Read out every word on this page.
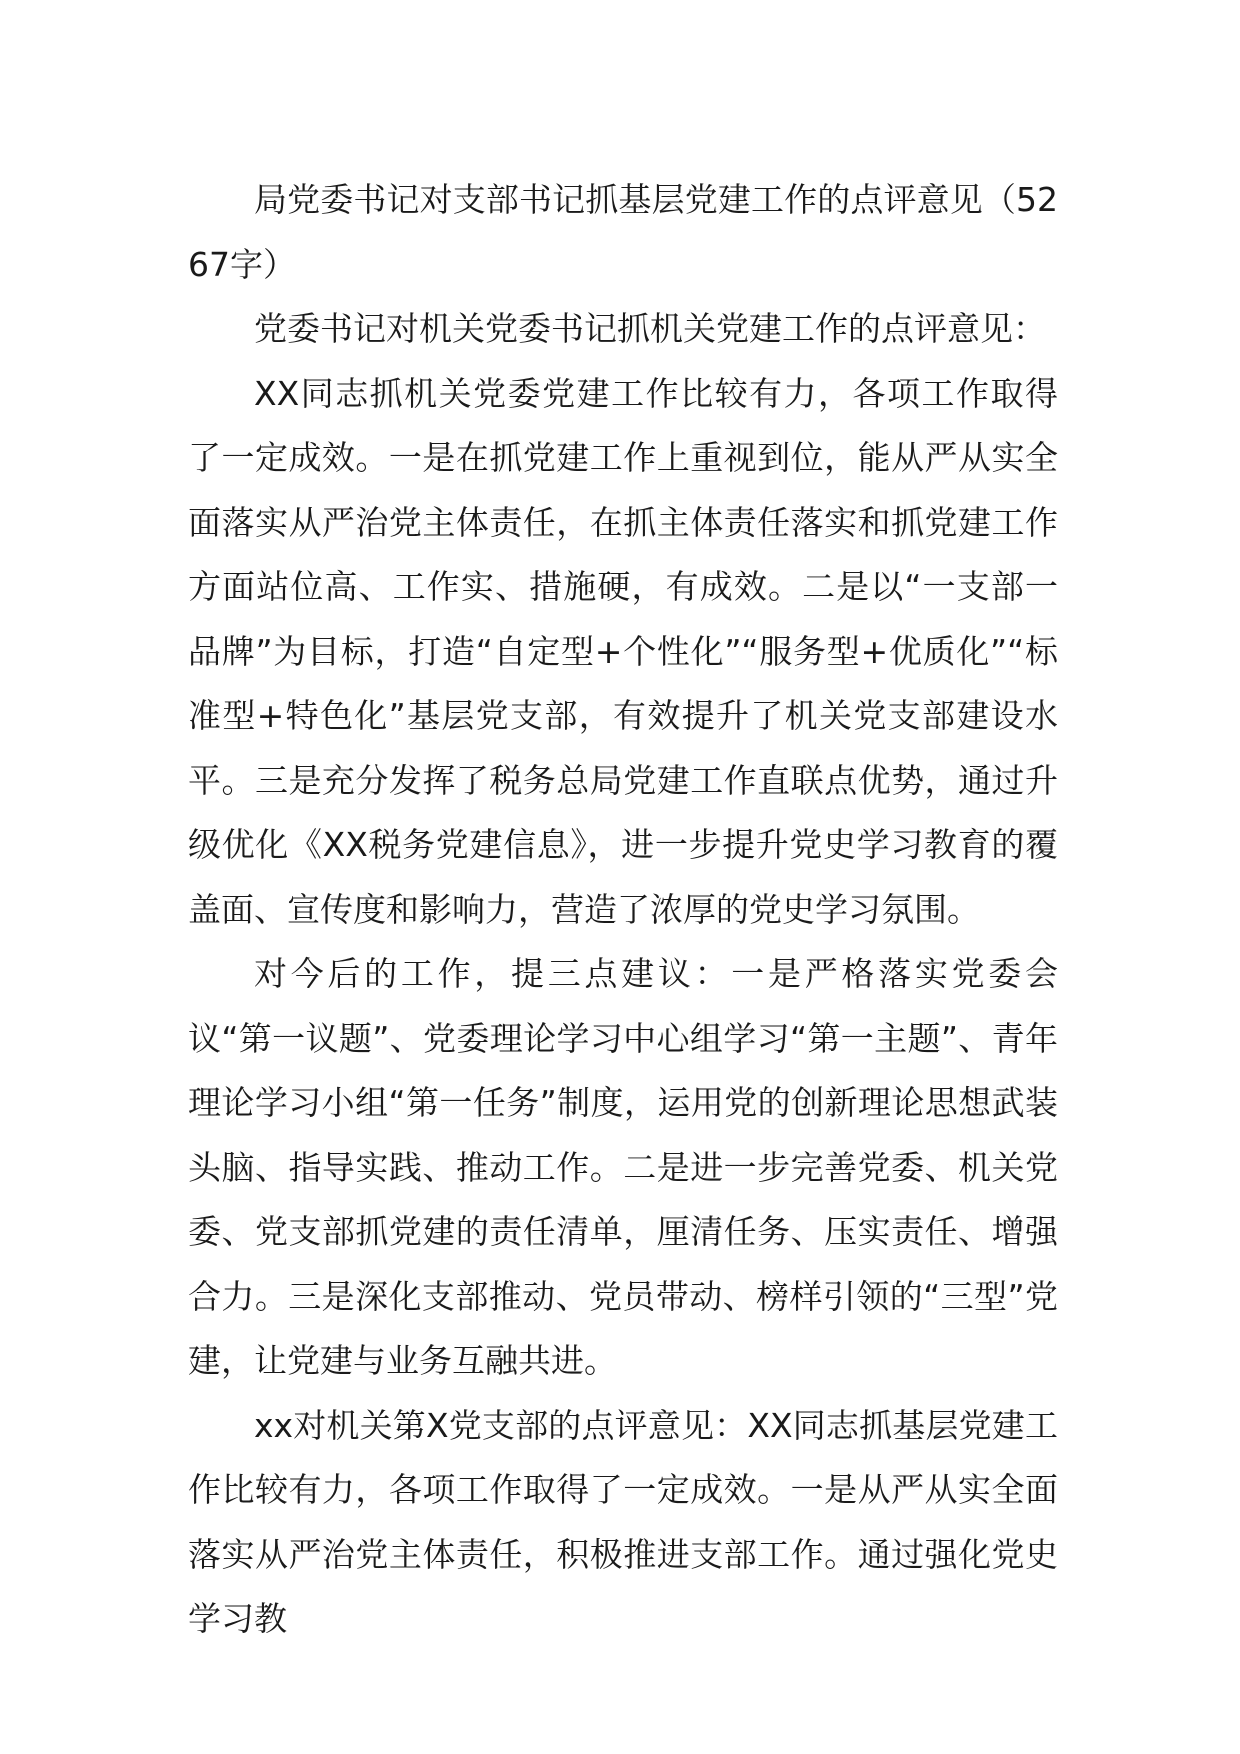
局党委书记对支部书记抓基层党建工作的点评意见（5267字）

党委书记对机关党委书记抓机关党建工作的点评意见：

XX同志抓机关党委党建工作比较有力，各项工作取得了一定成效。一是在抓党建工作上重视到位，能从严从实全面落实从严治党主体责任，在抓主体责任落实和抓党建工作方面站位高、工作实、措施硬，有成效。二是以“一支部一品牌”为目标，打造“自定型+个性化”“服务型+优质化”“标准型+特色化”基层党支部，有效提升了机关党支部建设水平。三是充分发挥了税务总局党建工作直联点优势，通过升级优化《XX税务党建信息》，进一步提升党史学习教育的覆盖面、宣传度和影响力，营造了浓厚的党史学习氛围。

对今后的工作，提三点建议：一是严格落实党委会议“第一议题”、党委理论学习中心组学习“第一主题”、青年理论学习小组“第一任务”制度，运用党的创新理论思想武装头脑、指导实践、推动工作。二是进一步完善党委、机关党委、党支部抓党建的责任清单，厘清任务、压实责任、增强合力。三是深化支部推动、党员带动、榜样引领的“三型”党建，让党建与业务互融共进。

xx对机关第X党支部的点评意见：XX同志抓基层党建工作比较有力，各项工作取得了一定成效。一是从严从实全面落实从严治党主体责任，积极推进支部工作。通过强化党史学习教
